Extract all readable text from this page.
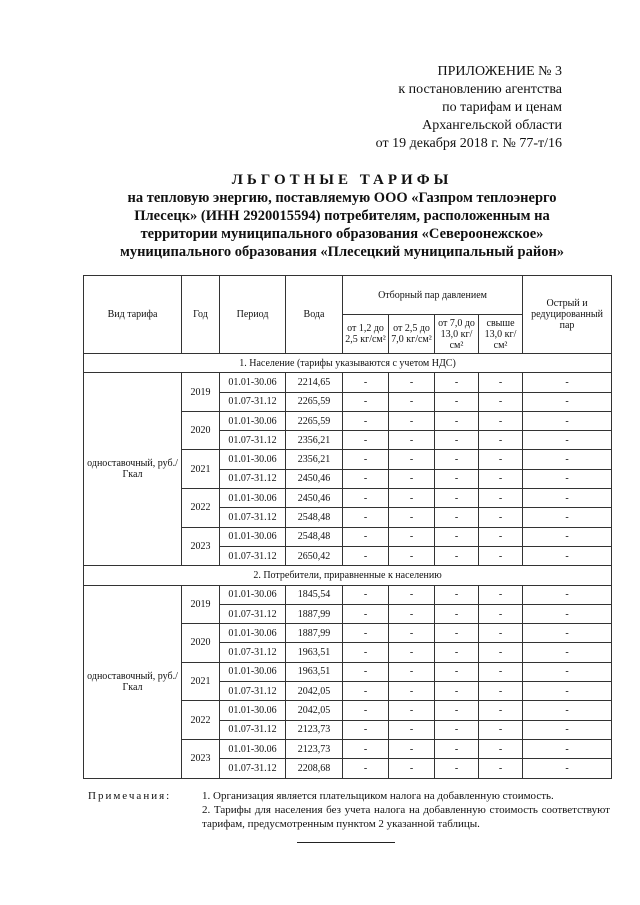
ПРИЛОЖЕНИЕ № 3
к постановлению агентства
по тарифам и ценам
Архангельской области
от 19 декабря 2018 г. № 77-т/16
ЛЬГОТНЫЕ ТАРИФЫ
на тепловую энергию, поставляемую ООО «Газпром теплоэнерго
Плесецк» (ИНН 2920015594) потребителям, расположенным на
территории муниципального образования «Североонежское»
муниципального образования «Плесецкий муниципальный район»
Вид тарифа	Год	Период	Вода	Отборный пар давлением				Острый и редуцированный пар
				от 1,2 до 2,5 кг/см²	от 2,5 до 7,0 кг/см²	от 7,0 до 13,0 кг/см²	свыше 13,0 кг/см²	
1. Население (тарифы указываются с учетом НДС)								
одноставочный, руб./Гкал	2019	01.01-30.06	2214,65	-	-	-	-	-
		01.07-31.12	2265,59	-	-	-	-	-
	2020	01.01-30.06	2265,59	-	-	-	-	-
		01.07-31.12	2356,21	-	-	-	-	-
	2021	01.01-30.06	2356,21	-	-	-	-	-
		01.07-31.12	2450,46	-	-	-	-	-
	2022	01.01-30.06	2450,46	-	-	-	-	-
		01.07-31.12	2548,48	-	-	-	-	-
	2023	01.01-30.06	2548,48	-	-	-	-	-
		01.07-31.12	2650,42	-	-	-	-	-
2. Потребители, приравненные к населению								
одноставочный, руб./Гкал	2019	01.01-30.06	1845,54	-	-	-	-	-
		01.07-31.12	1887,99	-	-	-	-	-
	2020	01.01-30.06	1887,99	-	-	-	-	-
		01.07-31.12	1963,51	-	-	-	-	-
	2021	01.01-30.06	1963,51	-	-	-	-	-
		01.07-31.12	2042,05	-	-	-	-	-
	2022	01.01-30.06	2042,05	-	-	-	-	-
		01.07-31.12	2123,73	-	-	-	-	-
	2023	01.01-30.06	2123,73	-	-	-	-	-
		01.07-31.12	2208,68	-	-	-	-	-
Примечания:	1. Организация является плательщиком налога на добавленную стоимость.
2. Тарифы для населения без учета налога на добавленную стоимость соответствуют тарифам, предусмотренным пунктом 2 указанной таблицы.
